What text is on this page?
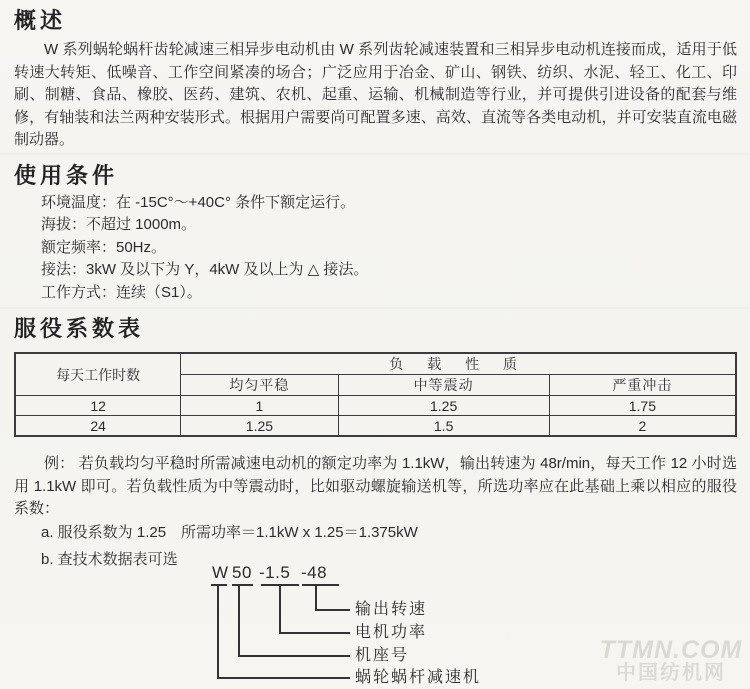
概述

W 系列蜗轮蜗杆齿轮减速三相异步电动机由 W 系列齿轮减速装置和三相异步电动机连接而成，适用于低转速大转矩、低噪音、工作空间紧凑的场合；广泛应用于冶金、矿山、钢铁、纺织、水泥、轻工、化工、印刷、制糖、食品、橡胶、医药、建筑、农机、起重、运输、机械制造等行业，并可提供引进设备的配套与维修，有轴装和法兰两种安装形式。根据用户需要尚可配置多速、高效、直流等各类电动机，并可安装直流电磁制动器。

使用条件
环境温度：在 -15C°～+40C° 条件下额定运行。
海拔：不超过 1000m。
额定频率：50Hz。
接法：3kW 及以下为 Y，4kW 及以上为 △ 接法。
工作方式：连续（S1）。
服役系数表
每天工作时数	负 载 性 质		
	均匀平稳	中等震动	严重冲击
12	1	1.25	1.75
24	1.25	1.5	2

例： 若负载均匀平稳时所需减速电动机的额定功率为 1.1kW，输出转速为 48r/min，每天工作 12 小时选用 1.1kW 即可。若负载性质为中等震动时，比如驱动螺旋输送机等，所选功率应在此基础上乘以相应的服役系数：

a. 服役系数为 1.25　所需功率＝1.1kW x 1.25＝1.375kW
b. 查技术数据表可选
W 50 -1.5 -48
输出转速
电机功率
机座号
蜗轮蜗杆减速机
TTMN.COM
中国纺机网
